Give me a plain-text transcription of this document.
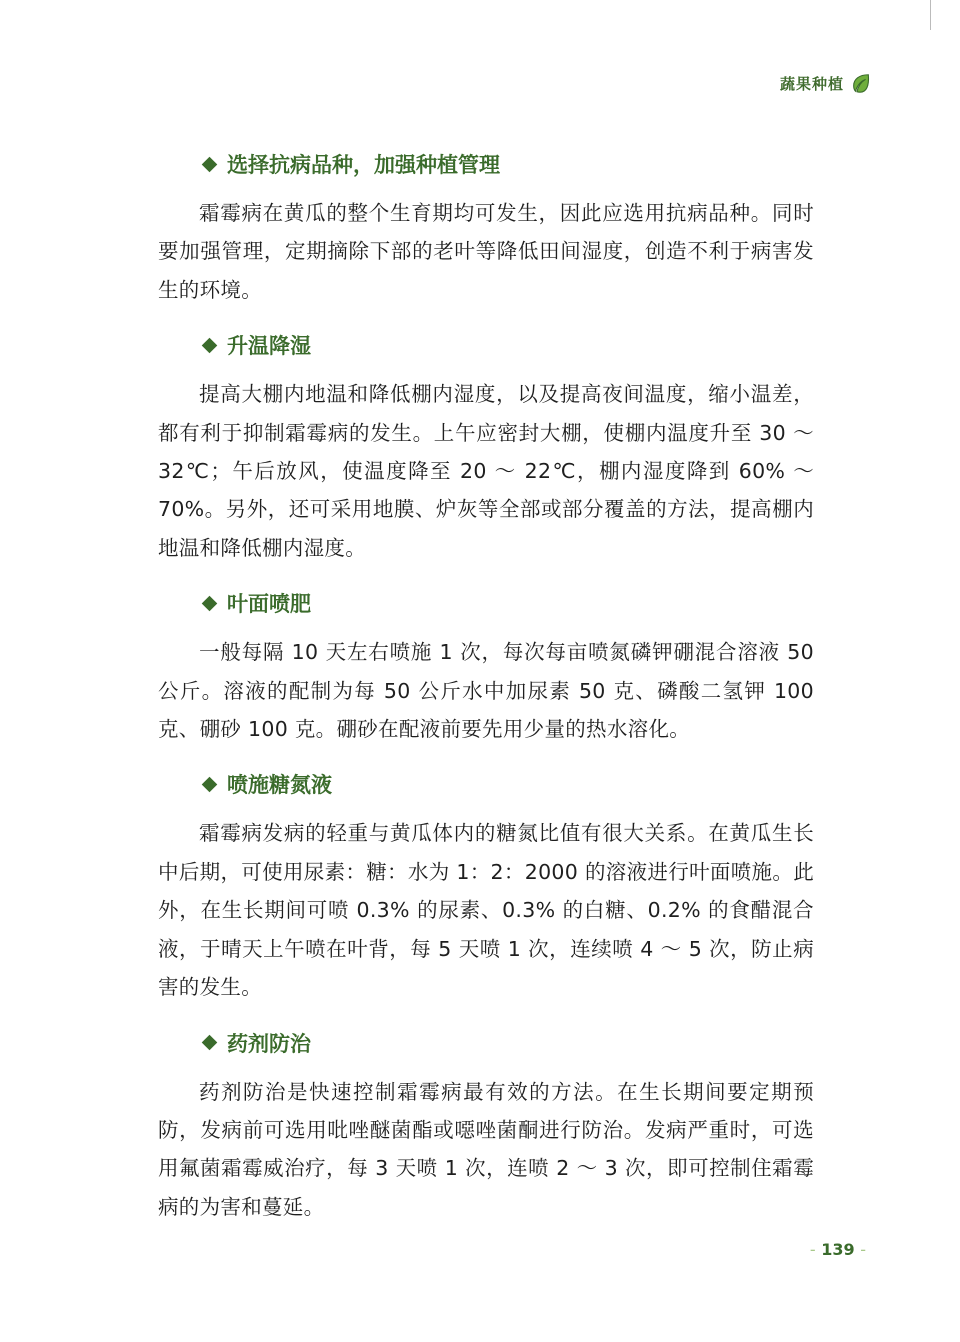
蔬果种植
选择抗病品种，加强种植管理

霜霉病在黄瓜的整个生育期均可发生，因此应选用抗病品种。同时要加强管理，定期摘除下部的老叶等降低田间湿度，创造不利于病害发生的环境。

升温降湿

提高大棚内地温和降低棚内湿度，以及提高夜间温度，缩小温差，都有利于抑制霜霉病的发生。上午应密封大棚，使棚内温度升至 30 ～ 32℃；午后放风，使温度降至 20 ～ 22℃，棚内湿度降到 60% ～ 70%。另外，还可采用地膜、炉灰等全部或部分覆盖的方法，提高棚内地温和降低棚内湿度。

叶面喷肥

一般每隔 10 天左右喷施 1 次，每次每亩喷氮磷钾硼混合溶液 50 公斤。溶液的配制为每 50 公斤水中加尿素 50 克、磷酸二氢钾 100 克、硼砂 100 克。硼砂在配液前要先用少量的热水溶化。

喷施糖氮液

霜霉病发病的轻重与黄瓜体内的糖氮比值有很大关系。在黄瓜生长中后期，可使用尿素：糖：水为 1：2：2000 的溶液进行叶面喷施。此外，在生长期间可喷 0.3% 的尿素、0.3% 的白糖、0.2% 的食醋混合液，于晴天上午喷在叶背，每 5 天喷 1 次，连续喷 4 ～ 5 次，防止病害的发生。

药剂防治

药剂防治是快速控制霜霉病最有效的方法。在生长期间要定期预防，发病前可选用吡唑醚菌酯或噁唑菌酮进行防治。发病严重时，可选用氟菌霜霉威治疗，每 3 天喷 1 次，连喷 2 ～ 3 次，即可控制住霜霉病的为害和蔓延。

- 139 -
